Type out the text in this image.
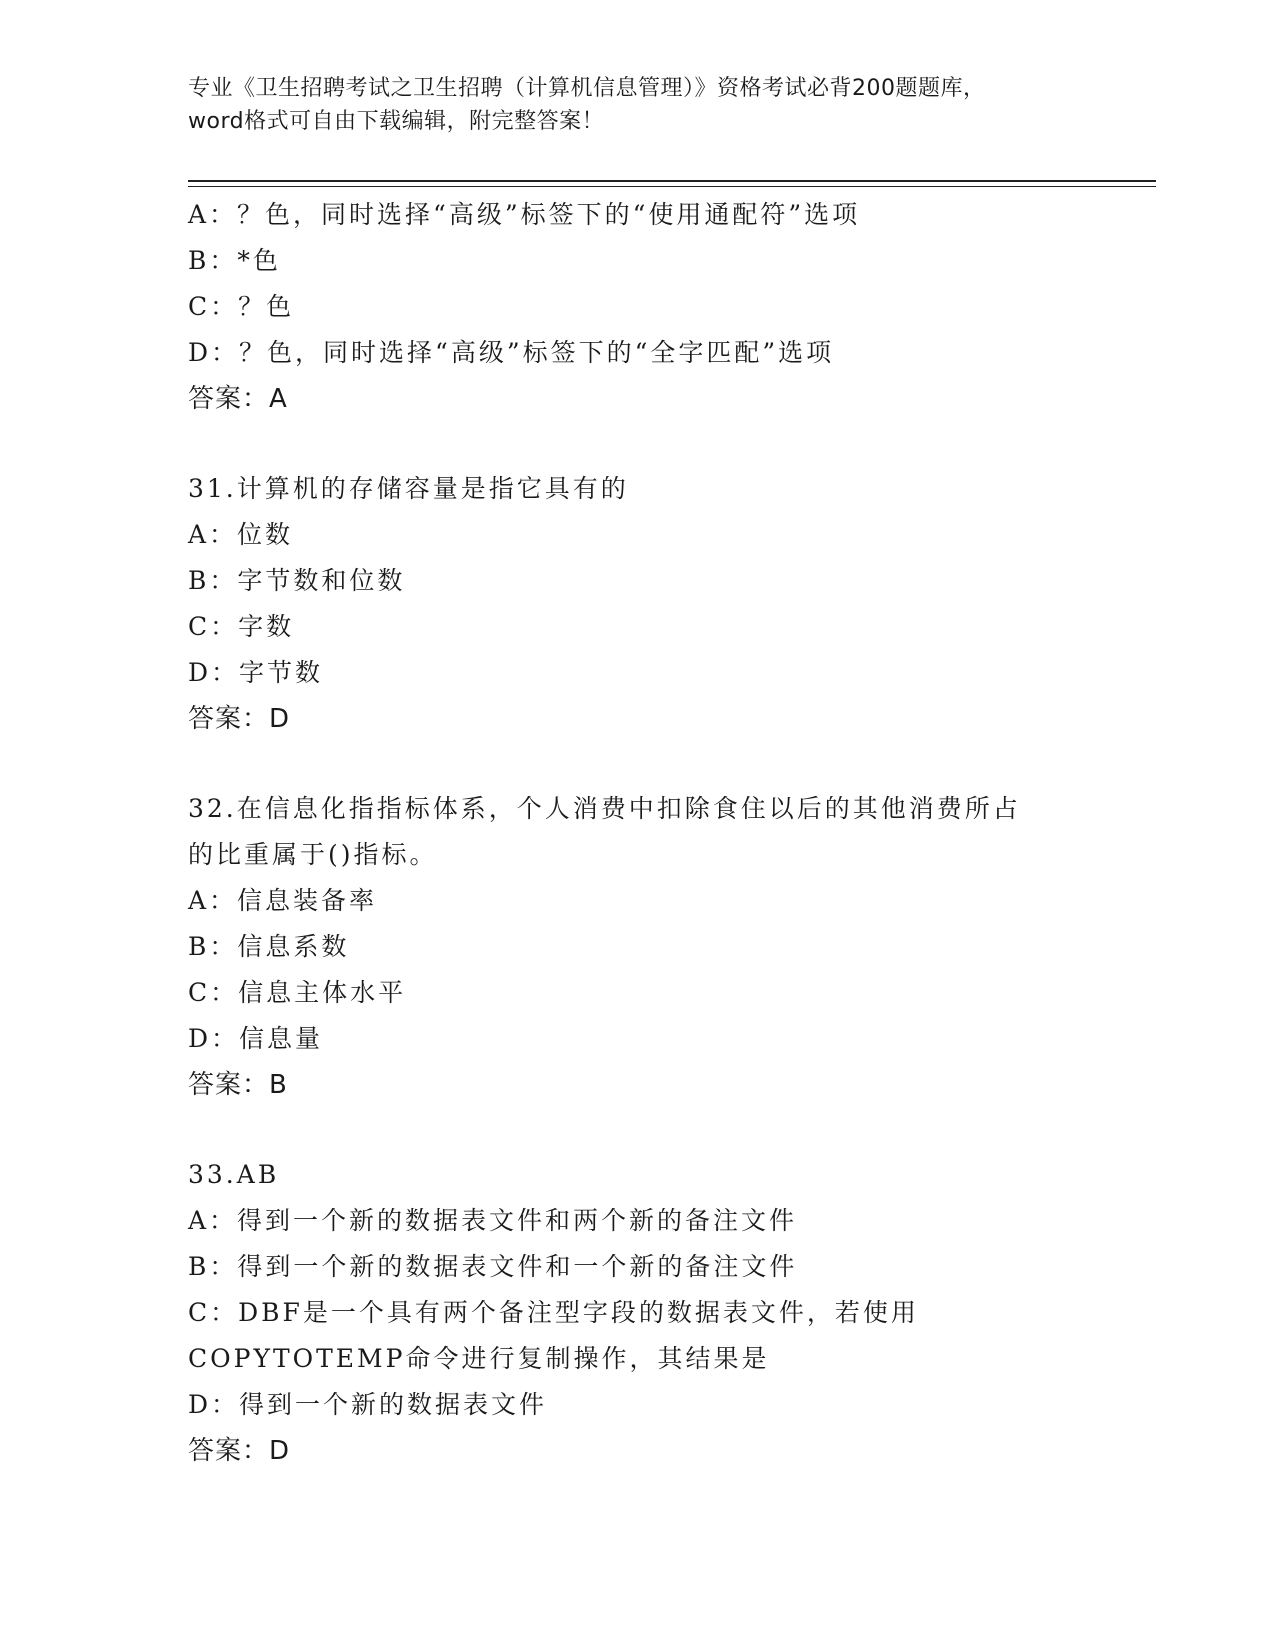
专业《卫生招聘考试之卫生招聘（计算机信息管理）》资格考试必背200题题库，
word格式可自由下载编辑，附完整答案！
A：？色，同时选择“高级”标签下的“使用通配符”选项
B：*色
C：？色
D：？色，同时选择“高级”标签下的“全字匹配”选项
答案：A
31.计算机的存储容量是指它具有的
A：位数
B：字节数和位数
C：字数
D：字节数
答案：D
32.在信息化指指标体系，个人消费中扣除食住以后的其他消费所占的比重属于()指标。
A：信息装备率
B：信息系数
C：信息主体水平
D：信息量
答案：B
33.AB
A：得到一个新的数据表文件和两个新的备注文件
B：得到一个新的数据表文件和一个新的备注文件
C：DBF是一个具有两个备注型字段的数据表文件，若使用COPYTOTEMP命令进行复制操作，其结果是
D：得到一个新的数据表文件
答案：D
